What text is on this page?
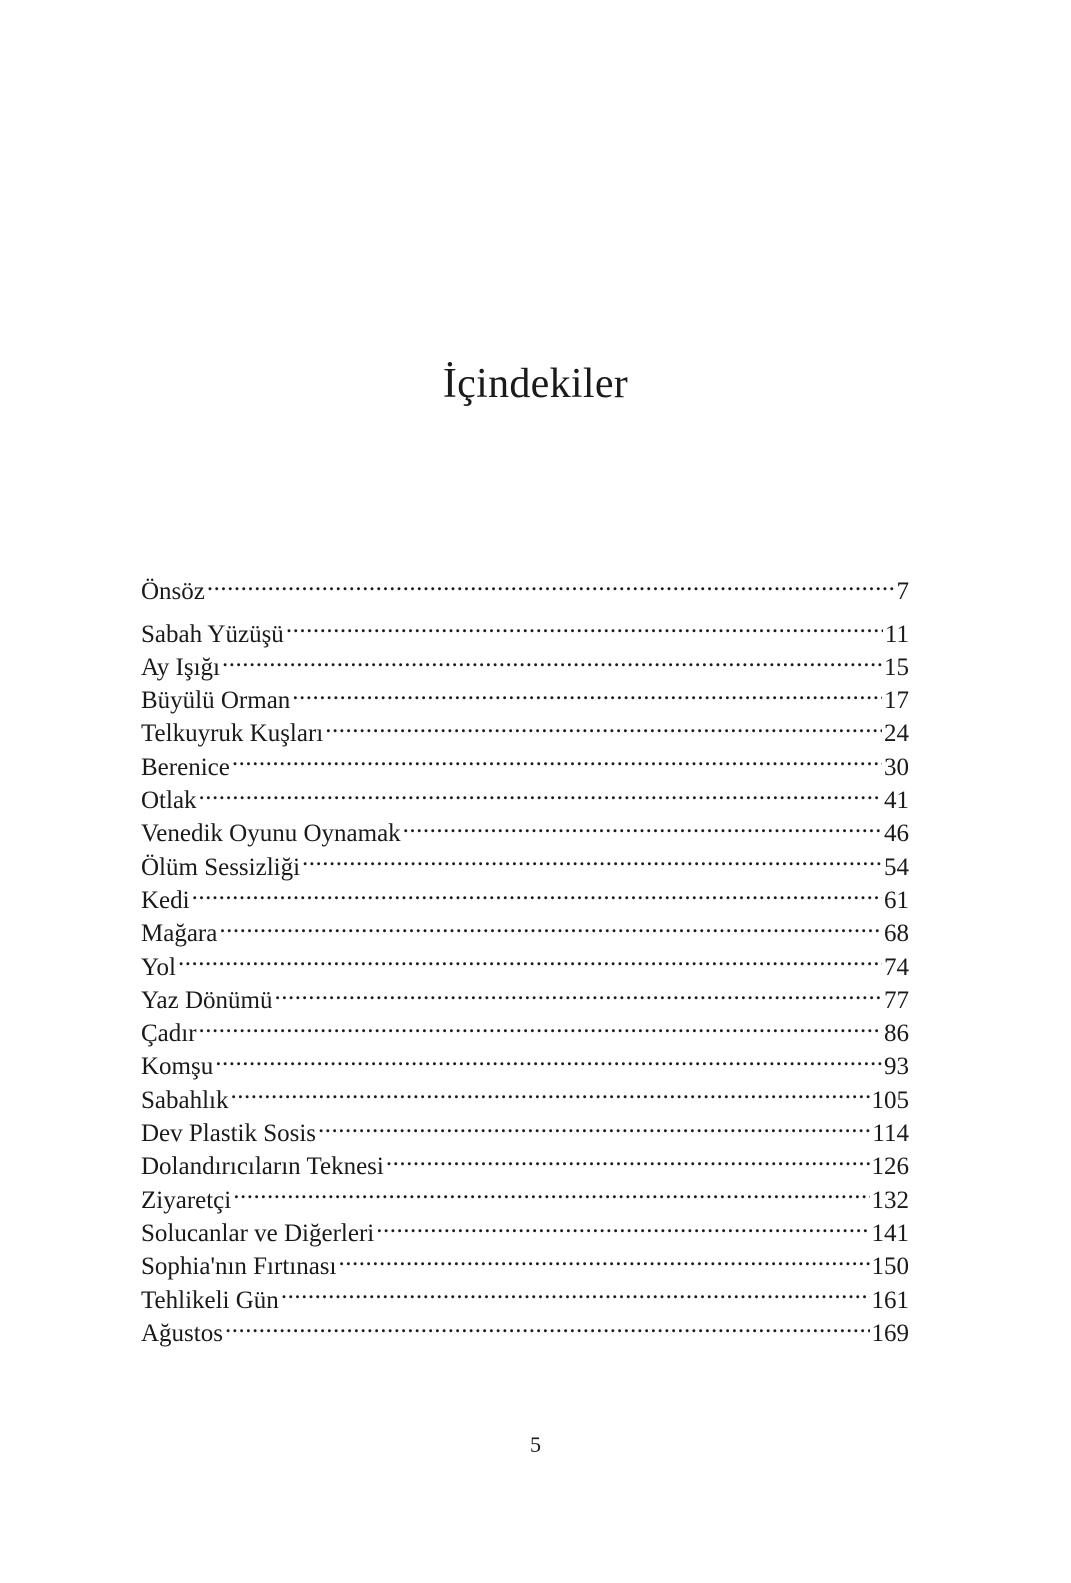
İçindekiler
Önsöz .....	7
Sabah Yüzüşü .....	11
Ay Işığı .....	15
Büyülü Orman .....	17
Telkuyruk Kuşları .....	24
Berenice .....	30
Otlak .....	41
Venedik Oyunu Oynamak .....	46
Ölüm Sessizliği .....	54
Kedi .....	61
Mağara .....	68
Yol .....	74
Yaz Dönümü .....	77
Çadır .....	86
Komşu .....	93
Sabahlık .....	105
Dev Plastik Sosis .....	114
Dolandırıcıların Teknesi .....	126
Ziyaretçi .....	132
Solucanlar ve Diğerleri .....	141
Sophia'nın Fırtınası .....	150
Tehlikeli Gün .....	161
Ağustos .....	169
5
